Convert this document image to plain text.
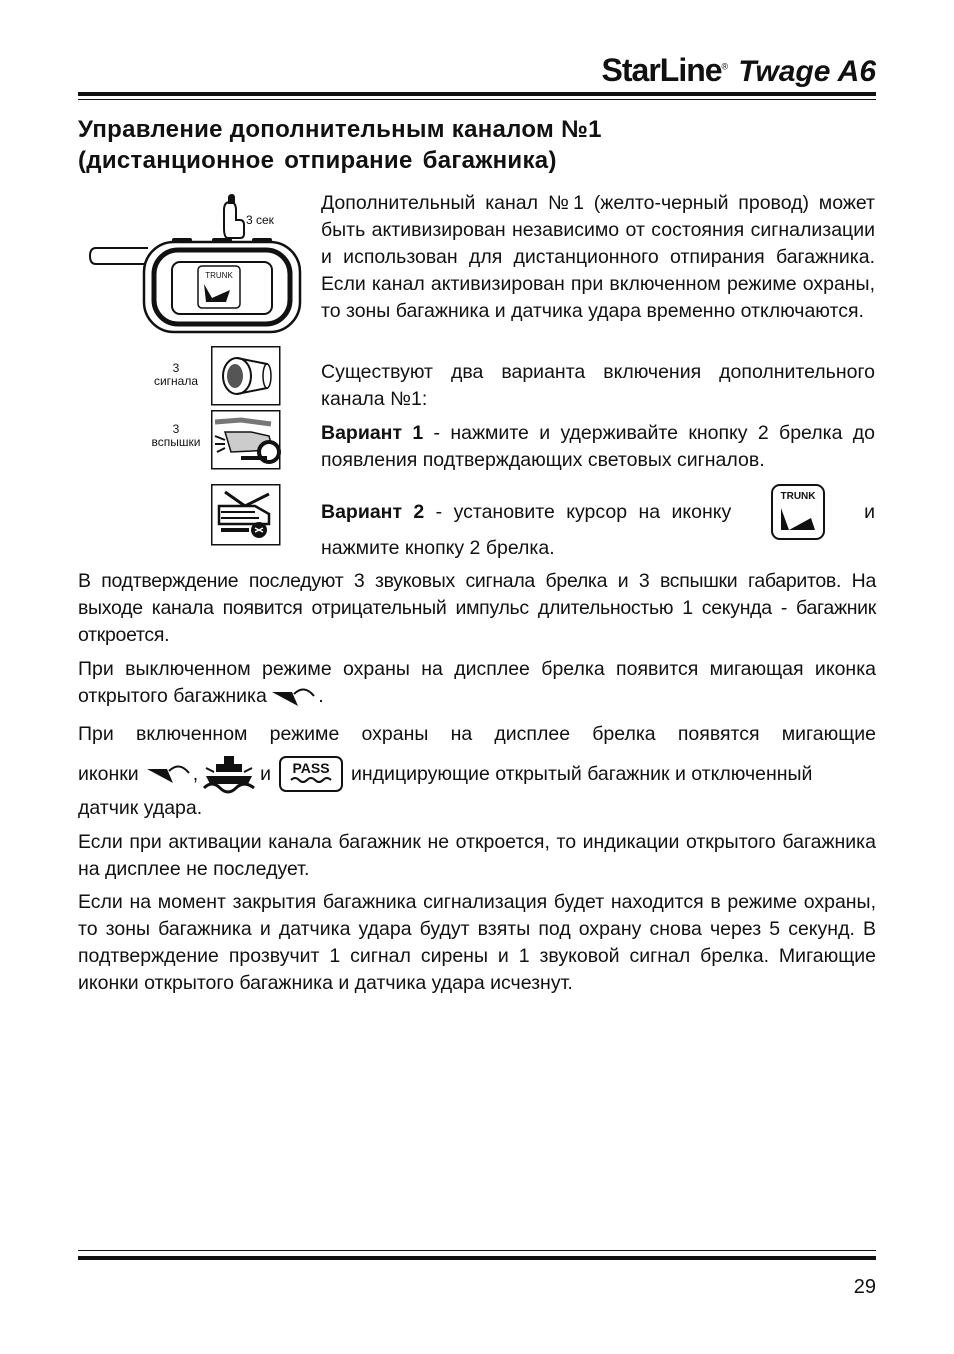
StarLine® Twage A6
Управление дополнительным каналом №1
(дистанционное отпирание багажника)
3 сек
TRUNK
3
сигнала
3
вспышки

Дополнительный канал №1 (желто-черный провод) может быть активизирован независимо от состояния сигнализации и использован для дистанционного отпирания багажника. Если канал активизирован при включенном режиме охраны, то зоны багажника и датчика удара временно отключаются.

Существуют два варианта включения дополнительного канала №1:

Вариант 1 - нажмите и удерживайте кнопку 2 брелка до появления подтверждающих световых сигналов.

Вариант 2 - установите курсор на иконку
TRUNK
и

нажмите кнопку 2 брелка.

В подтверждение последуют 3 звуковых сигнала брелка и 3 вспышки габаритов. На выходе канала появится отрицательный импульс длительностью 1 секунда - багажник откроется.

При выключенном режиме охраны на дисплее брелка появится мигающая иконка открытого багажника	.

При включенном режиме охраны на дисплее брелка появятся мигающие

иконки	,	и PASS индицирующие открытый багажник и отключенный

датчик удара.

Если при активации канала багажник не откроется, то индикации открытого багажника на дисплее не последует.

Если на момент закрытия багажника сигнализация будет находится в режиме охраны, то зоны багажника и датчика удара будут взяты под охрану снова через 5 секунд. В подтверждение прозвучит 1 сигнал сирены и 1 звуковой сигнал брелка. Мигающие иконки открытого багажника и датчика удара исчезнут.

29
